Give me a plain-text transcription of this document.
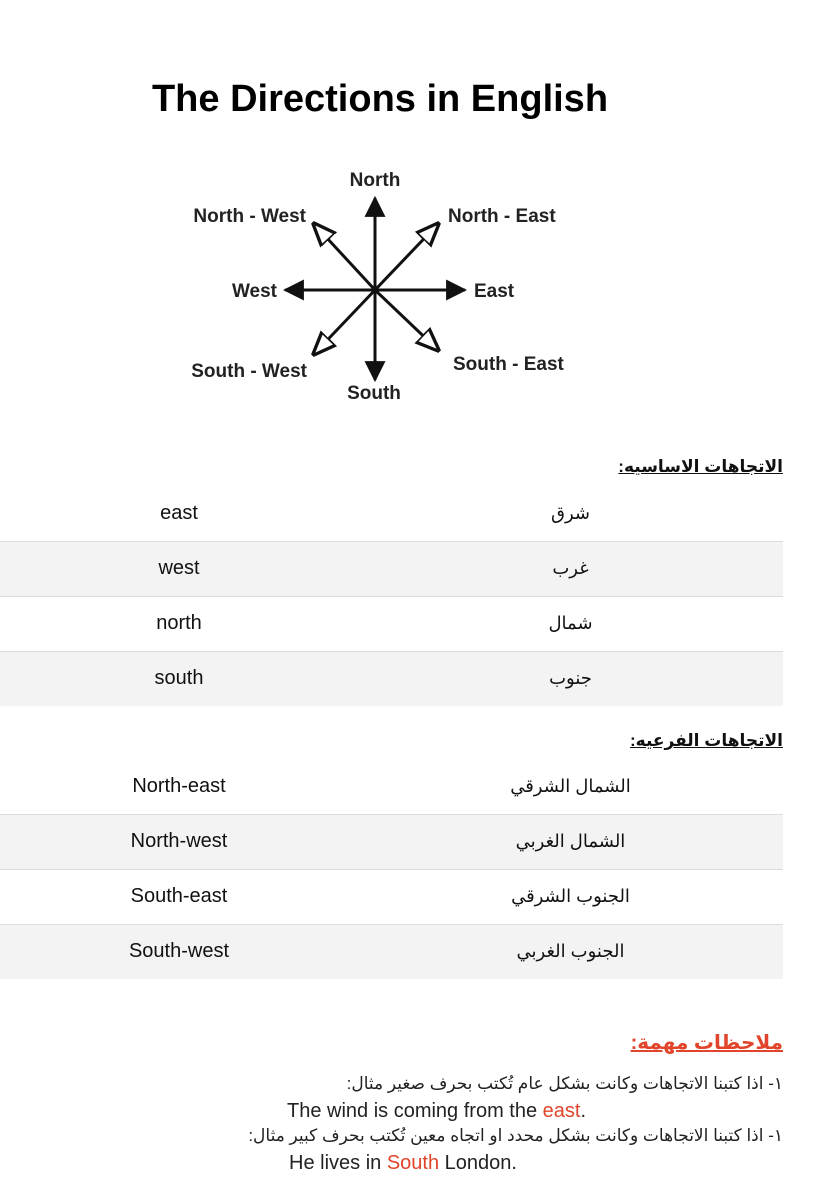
The Directions in English
North
South
East
West
North - East
North - West
South - East
South - West
الاتجاهات الاساسيه:
east	شرق
west	غرب
north	شمال
south	جنوب
الاتجاهات الفرعيه:
North-east	الشمال الشرقي
North-west	الشمال الغربي
South-east	الجنوب الشرقي
South-west	الجنوب الغربي
ملاحظات مهمة:

١- اذا كتبنا الاتجاهات وكانت بشكل عام تُكتب بحرف صغير مثال:

The wind is coming from the east.

١- اذا كتبنا الاتجاهات وكانت بشكل محدد او اتجاه معين تُكتب بحرف كبير مثال:

He lives in South London.
